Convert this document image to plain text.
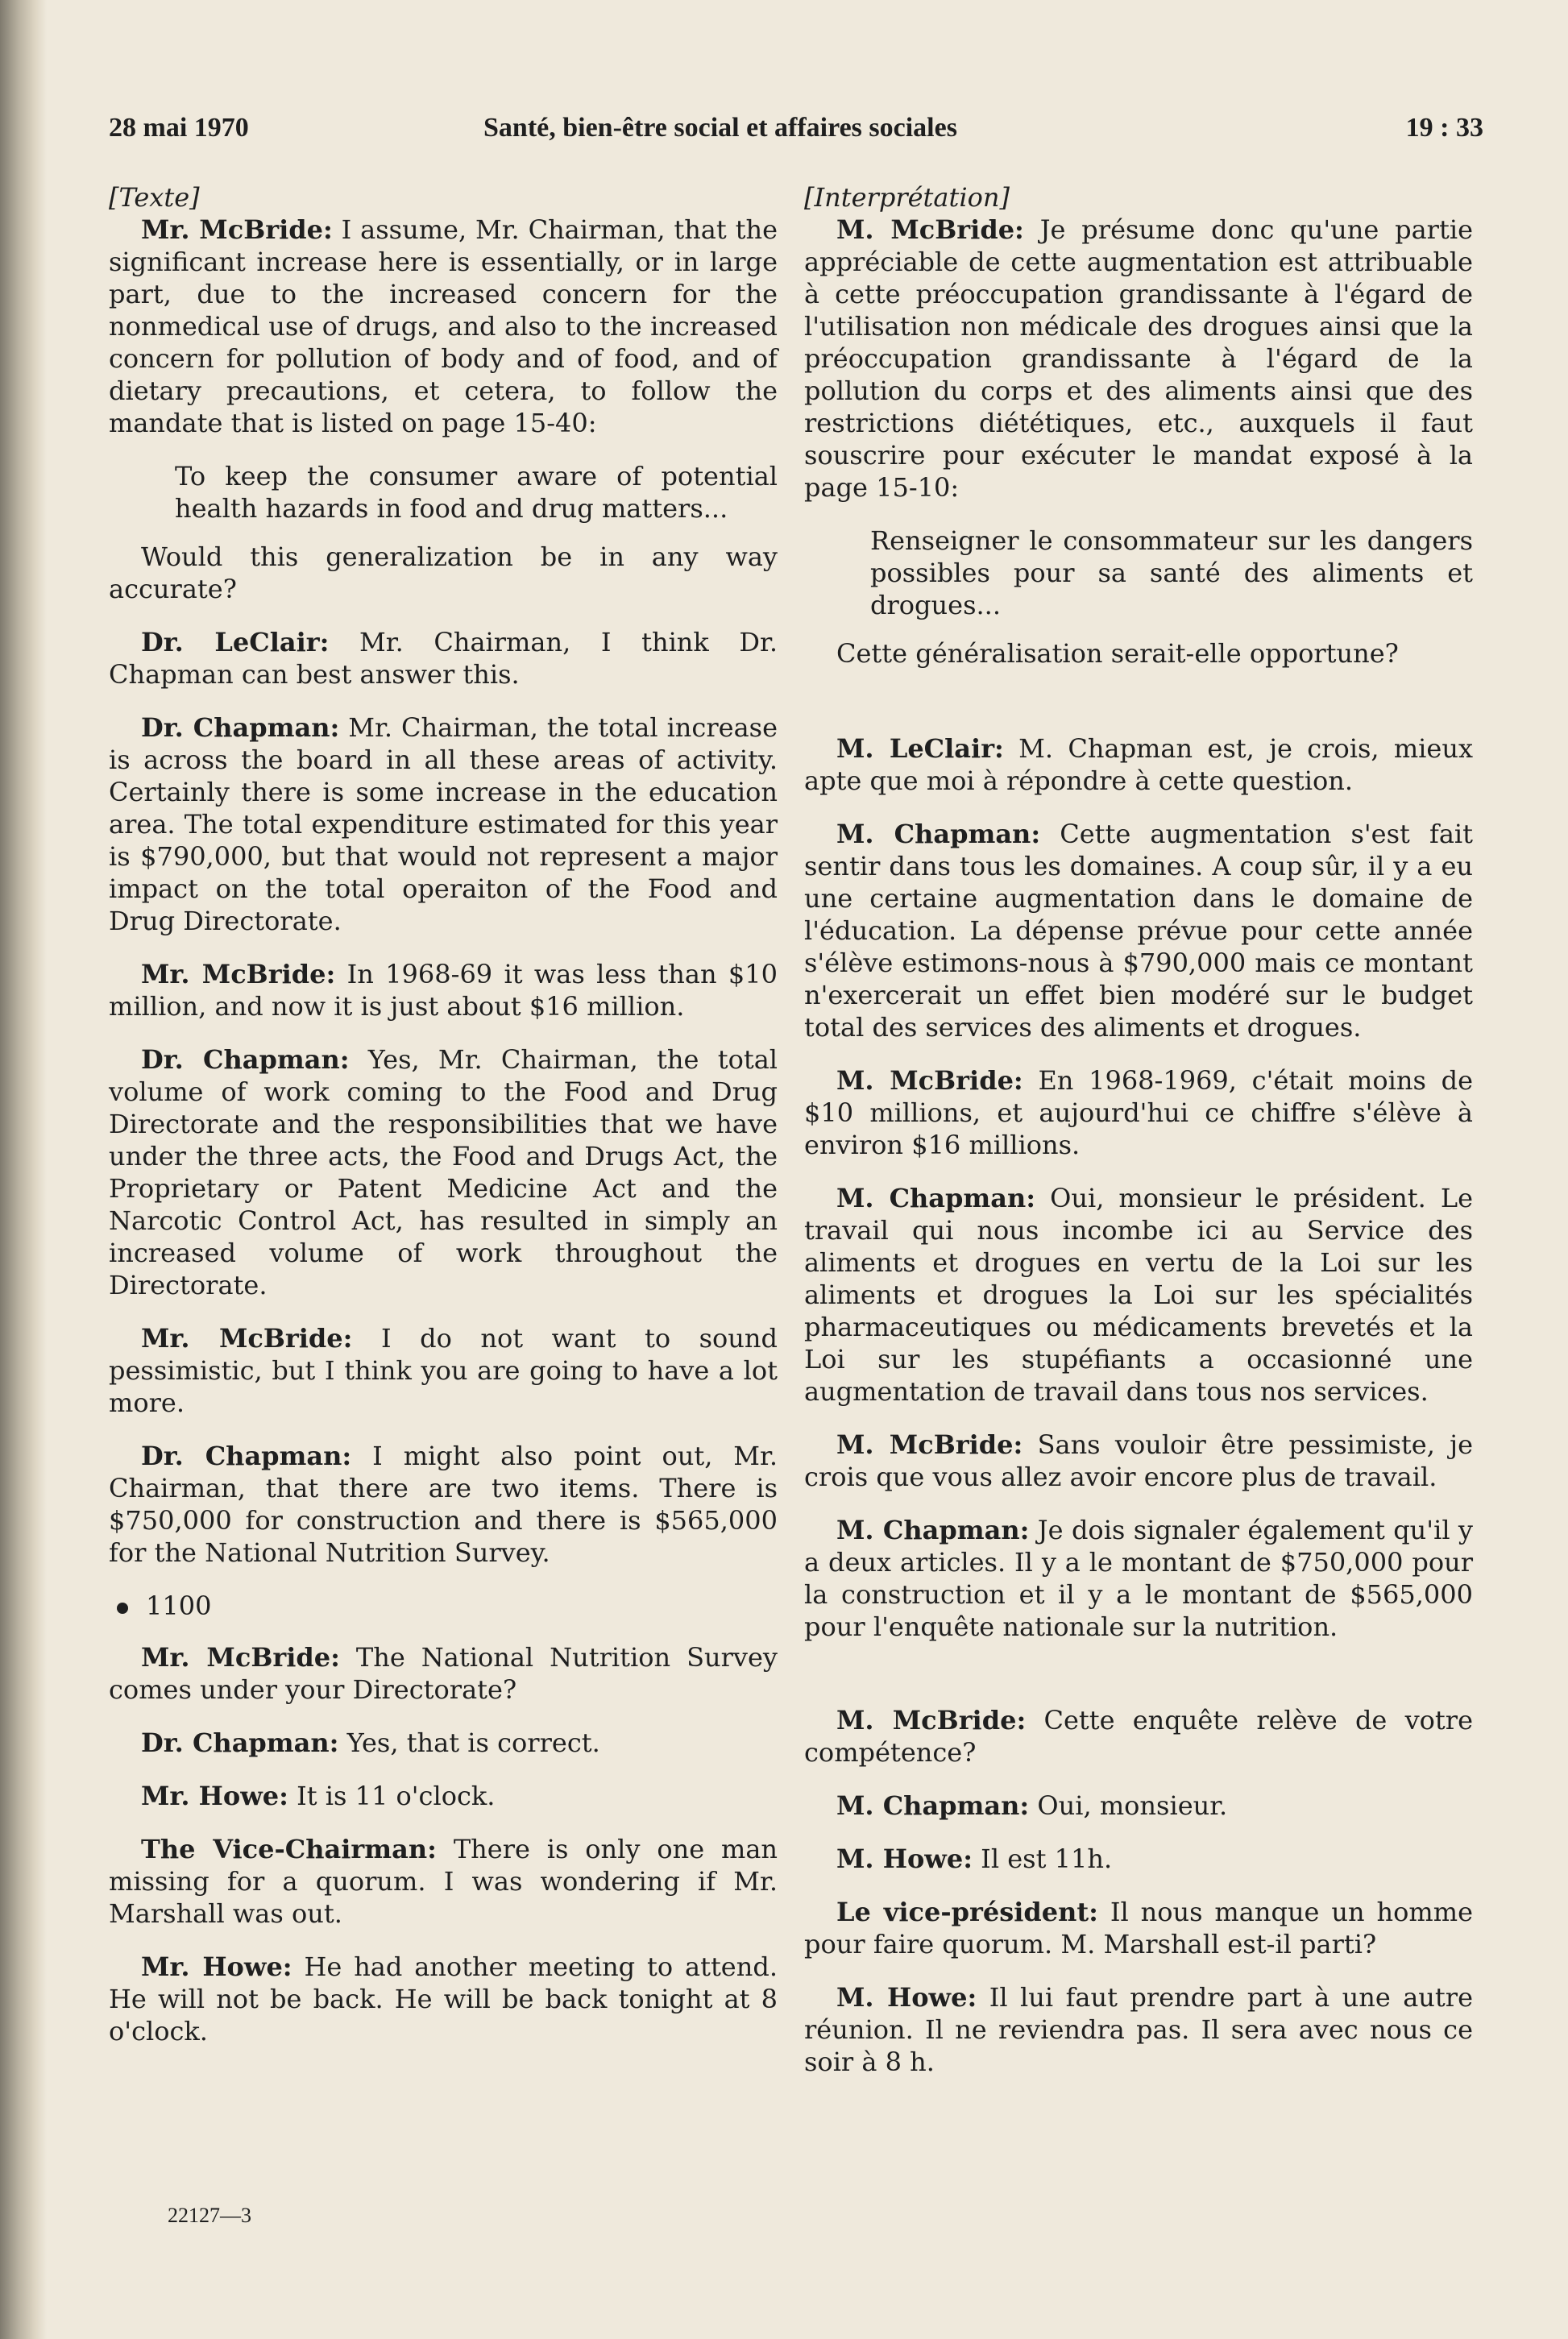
28 mai 1970	Santé, bien-être social et affaires sociales	19 : 33
[Texte]
Mr. McBride: I assume, Mr. Chairman, that the significant increase here is essentially, or in large part, due to the increased concern for the nonmedical use of drugs, and also to the increased concern for pollution of body and of food, and of dietary precautions, et cetera, to follow the mandate that is listed on page 15-40:
To keep the consumer aware of potential health hazards in food and drug matters...
Would this generalization be in any way accurate?
Dr. LeClair: Mr. Chairman, I think Dr. Chapman can best answer this.
Dr. Chapman: Mr. Chairman, the total increase is across the board in all these areas of activity. Certainly there is some increase in the education area. The total expenditure estimated for this year is $790,000, but that would not represent a major impact on the total operaiton of the Food and Drug Directorate.
Mr. McBride: In 1968-69 it was less than $10 million, and now it is just about $16 million.
Dr. Chapman: Yes, Mr. Chairman, the total volume of work coming to the Food and Drug Directorate and the responsibilities that we have under the three acts, the Food and Drugs Act, the Proprietary or Patent Medicine Act and the Narcotic Control Act, has resulted in simply an increased volume of work throughout the Directorate.
Mr. McBride: I do not want to sound pessimistic, but I think you are going to have a lot more.
Dr. Chapman: I might also point out, Mr. Chairman, that there are two items. There is $750,000 for construction and there is $565,000 for the National Nutrition Survey.
1100
Mr. McBride: The National Nutrition Survey comes under your Directorate?
Dr. Chapman: Yes, that is correct.
Mr. Howe: It is 11 o'clock.
The Vice-Chairman: There is only one man missing for a quorum. I was wondering if Mr. Marshall was out.
Mr. Howe: He had another meeting to attend. He will not be back. He will be back tonight at 8 o'clock.
[Interprétation]
M. McBride: Je présume donc qu'une partie appréciable de cette augmentation est attribuable à cette préoccupation grandissante à l'égard de l'utilisation non médicale des drogues ainsi que la préoccupation grandissante à l'égard de la pollution du corps et des aliments ainsi que des restrictions diététiques, etc., auxquels il faut souscrire pour exécuter le mandat exposé à la page 15-10:
Renseigner le consommateur sur les dangers possibles pour sa santé des aliments et drogues...
Cette généralisation serait-elle opportune?
M. LeClair: M. Chapman est, je crois, mieux apte que moi à répondre à cette question.
M. Chapman: Cette augmentation s'est fait sentir dans tous les domaines. A coup sûr, il y a eu une certaine augmentation dans le domaine de l'éducation. La dépense prévue pour cette année s'élève estimons-nous à $790,000 mais ce montant n'exercerait un effet bien modéré sur le budget total des services des aliments et drogues.
M. McBride: En 1968-1969, c'était moins de $10 millions, et aujourd'hui ce chiffre s'élève à environ $16 millions.
M. Chapman: Oui, monsieur le président. Le travail qui nous incombe ici au Service des aliments et drogues en vertu de la Loi sur les aliments et drogues la Loi sur les spécialités pharmaceutiques ou médicaments brevetés et la Loi sur les stupéfiants a occasionné une augmentation de travail dans tous nos services.
M. McBride: Sans vouloir être pessimiste, je crois que vous allez avoir encore plus de travail.
M. Chapman: Je dois signaler également qu'il y a deux articles. Il y a le montant de $750,000 pour la construction et il y a le montant de $565,000 pour l'enquête nationale sur la nutrition.
M. McBride: Cette enquête relève de votre compétence?
M. Chapman: Oui, monsieur.
M. Howe: Il est 11h.
Le vice-président: Il nous manque un homme pour faire quorum. M. Marshall est-il parti?
M. Howe: Il lui faut prendre part à une autre réunion. Il ne reviendra pas. Il sera avec nous ce soir à 8 h.
22127—3
